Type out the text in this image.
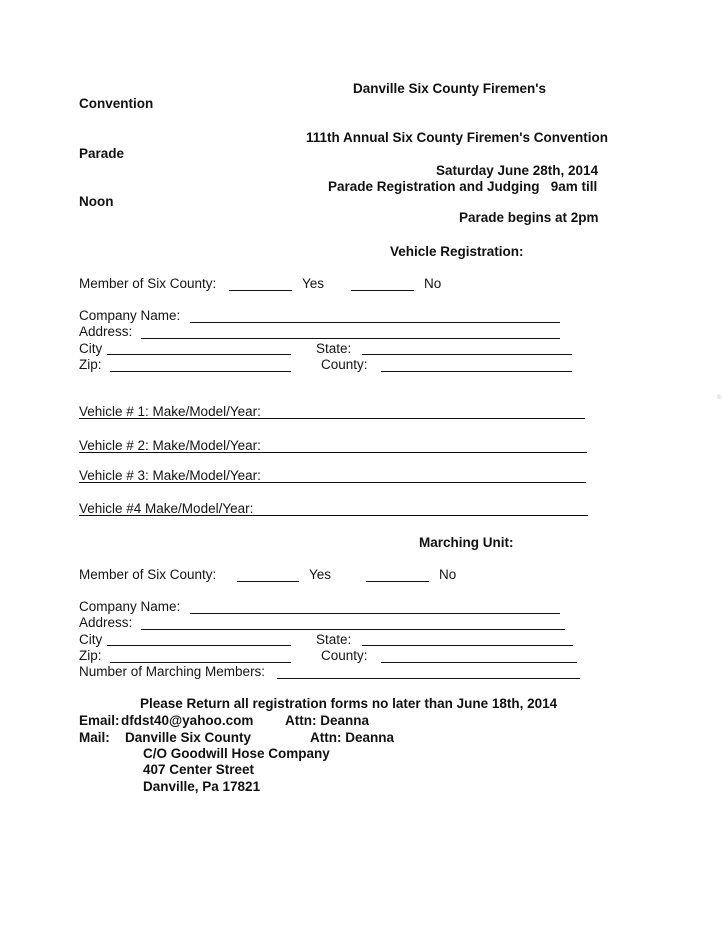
Danville Six County Firemen's
Convention
111th Annual Six County Firemen's Convention
Parade
Saturday June 28th, 2014
Parade Registration and Judging   9am till
Noon
Parade begins at 2pm
Vehicle Registration:
Member of Six County:	Yes	No
Company Name:
Address:
City	State:
Zip:	County:
Vehicle # 1: Make/Model/Year:
Vehicle # 2: Make/Model/Year:
Vehicle # 3: Make/Model/Year:
Vehicle #4 Make/Model/Year:
Marching Unit:
Member of Six County:	Yes	No
Company Name:
Address:
City	State:
Zip:	County:
Number of Marching Members:
Please Return all registration forms no later than June 18th, 2014
Email: dfdst40@yahoo.com Attn: Deanna
Mail: Danville Six County	Attn: Deanna
C/O Goodwill Hose Company
407 Center Street
Danville, Pa 17821
